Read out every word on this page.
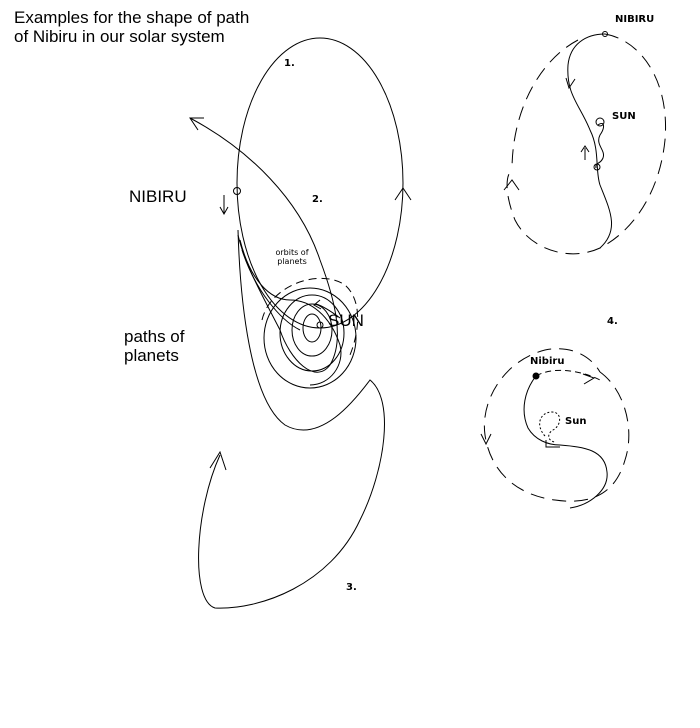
Examples for the shape of path of Nibiru in our solar system
NIBIRU
paths of planets
SUN
orbits of planets
1.
2.
3.
4.
NIBIRU
SUN
Nibiru
Sun
